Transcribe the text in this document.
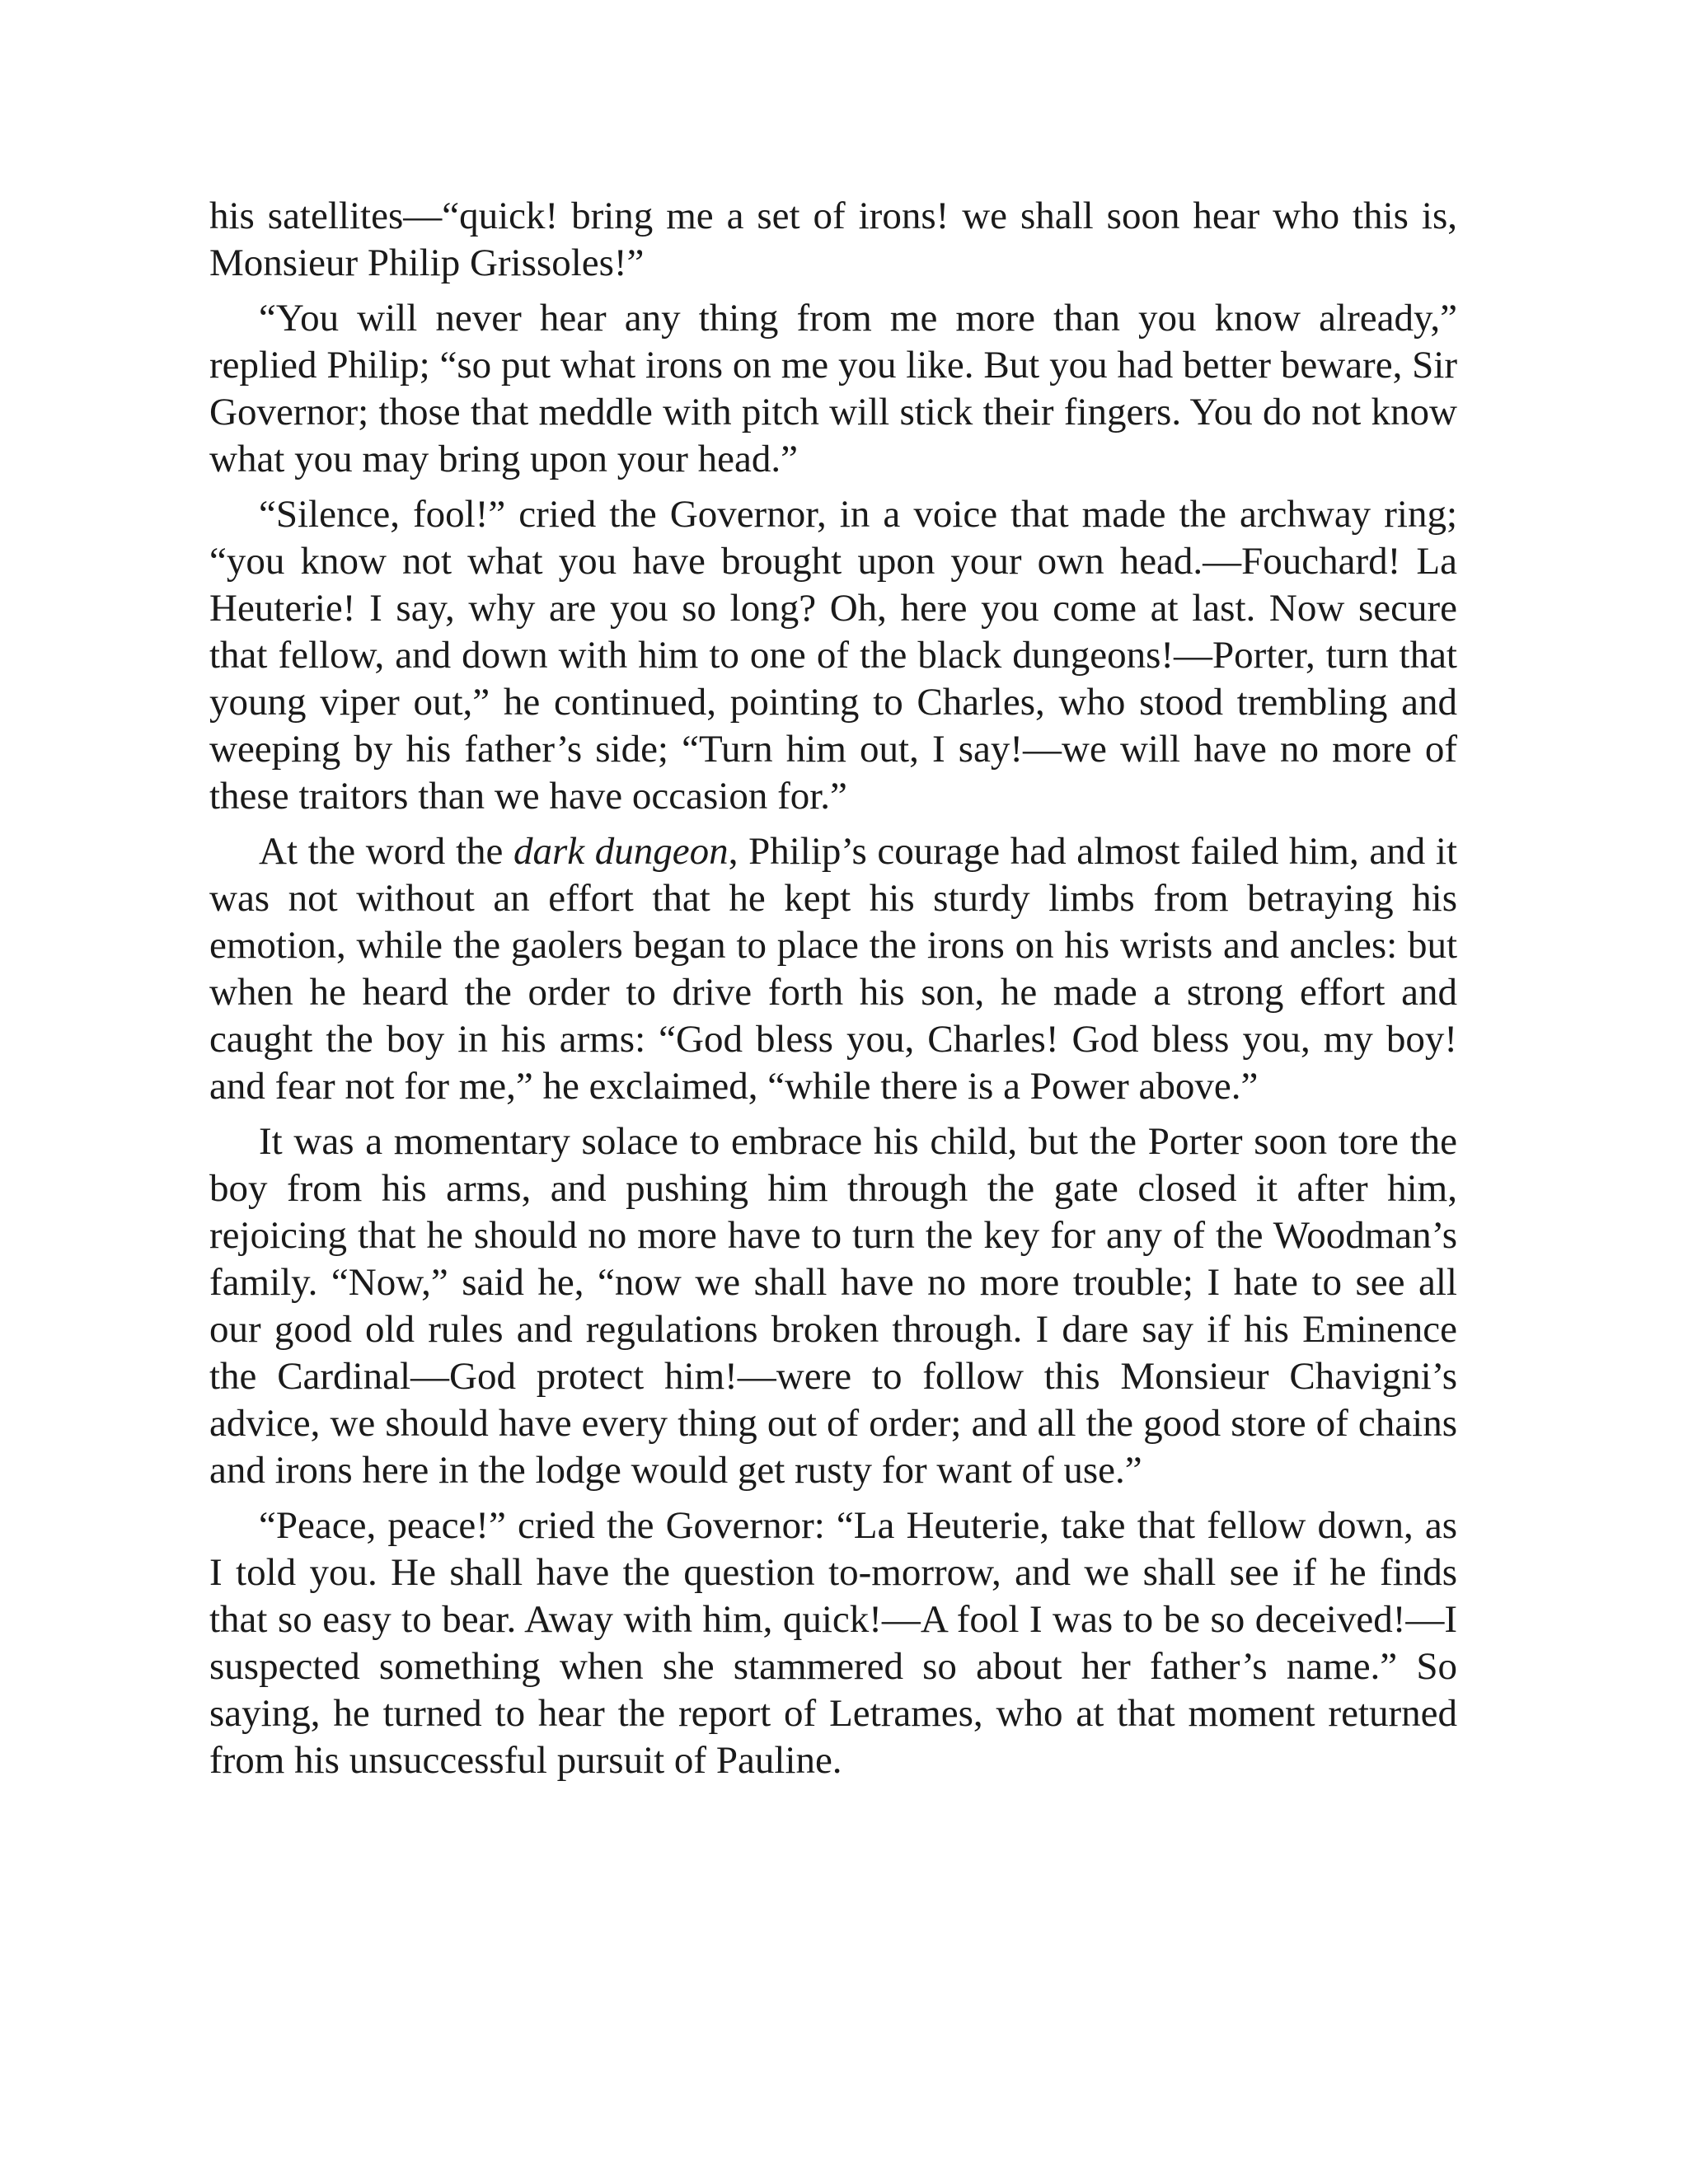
his satellites—“quick! bring me a set of irons! we shall soon hear who this is, Monsieur Philip Grissoles!”

“You will never hear any thing from me more than you know already,” replied Philip; “so put what irons on me you like. But you had better beware, Sir Governor; those that meddle with pitch will stick their fingers. You do not know what you may bring upon your head.”

“Silence, fool!” cried the Governor, in a voice that made the archway ring; “you know not what you have brought upon your own head.—Fouchard! La Heuterie! I say, why are you so long? Oh, here you come at last. Now secure that fellow, and down with him to one of the black dungeons!—Porter, turn that young viper out,” he continued, pointing to Charles, who stood trembling and weeping by his father’s side; “Turn him out, I say!—we will have no more of these traitors than we have occasion for.”

At the word the dark dungeon, Philip’s courage had almost failed him, and it was not without an effort that he kept his sturdy limbs from betraying his emotion, while the gaolers began to place the irons on his wrists and ancles: but when he heard the order to drive forth his son, he made a strong effort and caught the boy in his arms: “God bless you, Charles! God bless you, my boy! and fear not for me,” he exclaimed, “while there is a Power above.”

It was a momentary solace to embrace his child, but the Porter soon tore the boy from his arms, and pushing him through the gate closed it after him, rejoicing that he should no more have to turn the key for any of the Woodman’s family. “Now,” said he, “now we shall have no more trouble; I hate to see all our good old rules and regulations broken through. I dare say if his Eminence the Cardinal—God protect him!—were to follow this Monsieur Chavigni’s advice, we should have every thing out of order; and all the good store of chains and irons here in the lodge would get rusty for want of use.”

“Peace, peace!” cried the Governor: “La Heuterie, take that fellow down, as I told you. He shall have the question to-morrow, and we shall see if he finds that so easy to bear. Away with him, quick!—A fool I was to be so deceived!—I suspected something when she stammered so about her father’s name.” So saying, he turned to hear the report of Letrames, who at that moment returned from his unsuccessful pursuit of Pauline.
